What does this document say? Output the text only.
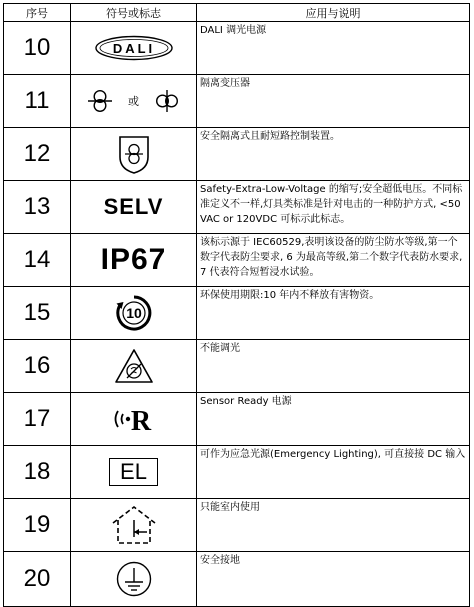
序号	符号或标志	应用与说明
10	DALI	DALI 调光电源
11	或	隔离变压器
12		安全隔离式且耐短路控制装置。
13	SELV	Safety-Extra-Low-Voltage 的缩写;安全超低电压。不同标准定义不一样,灯具类标准是针对电击的一种防护方式, <50VAC or 120VDC 可标示此标志。
14	IP67	该标示源于 IEC60529,表明该设备的防尘防水等级,第一个数字代表防尘要求, 6 为最高等级,第二个数字代表防水要求,7 代表符合短暂浸水试验。
15	10	环保使用期限:10 年内不释放有害物资。
16		不能调光
17	R	Sensor Ready 电源
18	EL	可作为应急光源(Emergency Lighting), 可直接接 DC 输入
19		只能室内使用
20		安全接地
